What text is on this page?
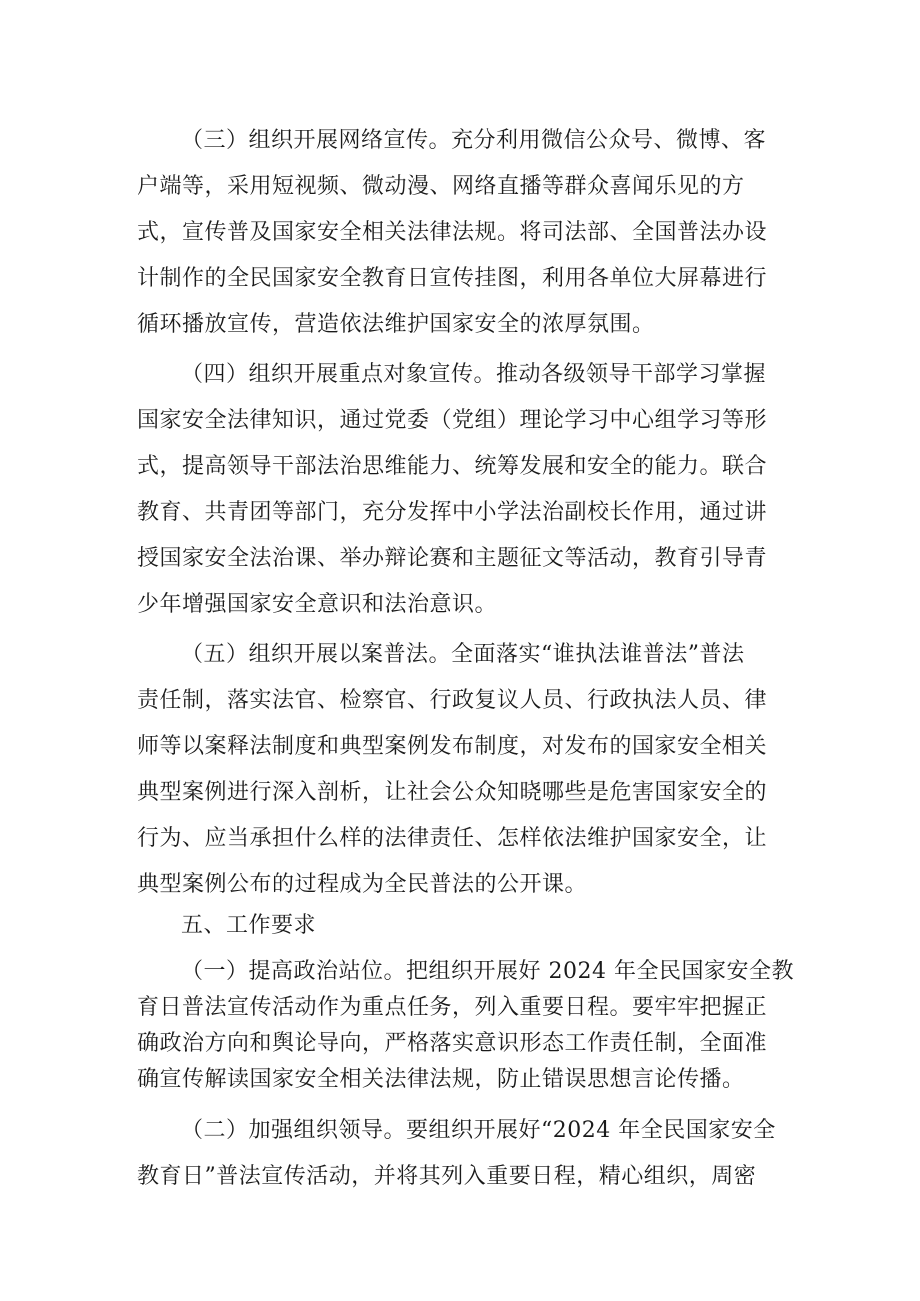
（三）组织开展网络宣传。充分利用微信公众号、微博、客
户端等，采用短视频、微动漫、网络直播等群众喜闻乐见的方
式，宣传普及国家安全相关法律法规。将司法部、全国普法办设
计制作的全民国家安全教育日宣传挂图，利用各单位大屏幕进行
循环播放宣传，营造依法维护国家安全的浓厚氛围。
（四）组织开展重点对象宣传。推动各级领导干部学习掌握
国家安全法律知识，通过党委（党组）理论学习中心组学习等形
式，提高领导干部法治思维能力、统筹发展和安全的能力。联合
教育、共青团等部门，充分发挥中小学法治副校长作用，通过讲
授国家安全法治课、举办辩论赛和主题征文等活动，教育引导青
少年增强国家安全意识和法治意识。
（五）组织开展以案普法。全面落实“谁执法谁普法”普法
责任制，落实法官、检察官、行政复议人员、行政执法人员、律
师等以案释法制度和典型案例发布制度，对发布的国家安全相关
典型案例进行深入剖析，让社会公众知晓哪些是危害国家安全的
行为、应当承担什么样的法律责任、怎样依法维护国家安全，让
典型案例公布的过程成为全民普法的公开课。
五、工作要求
（一）提高政治站位。把组织开展好 2024 年全民国家安全教
育日普法宣传活动作为重点任务，列入重要日程。要牢牢把握正
确政治方向和舆论导向，严格落实意识形态工作责任制，全面准
确宣传解读国家安全相关法律法规，防止错误思想言论传播。
（二）加强组织领导。要组织开展好“2024 年全民国家安全
教育日”普法宣传活动，并将其列入重要日程，精心组织，周密
